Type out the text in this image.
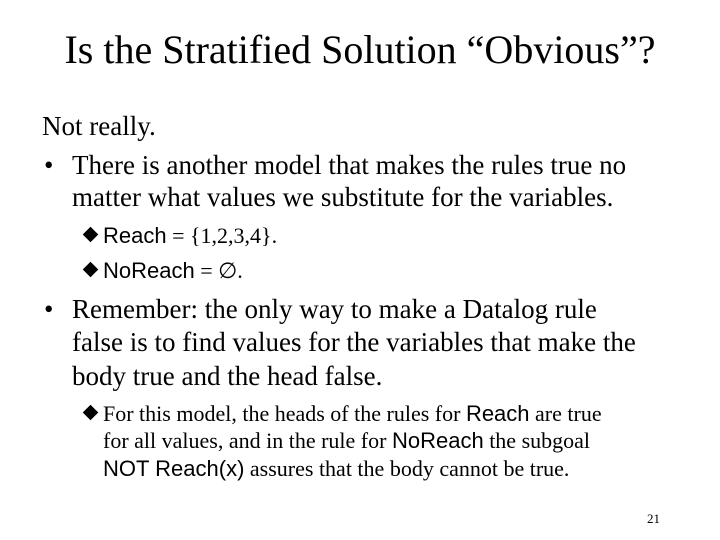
Is the Stratified Solution “Obvious”?
Not really.
• There is another model that makes the rules true no
matter what values we substitute for the variables.
Reach = {1,2,3,4}.
NoReach = ∅.
• Remember: the only way to make a Datalog rule
false is to find values for the variables that make the
body true and the head false.
For this model, the heads of the rules for Reach are true
for all values, and in the rule for NoReach the subgoal
NOT Reach(x) assures that the body cannot be true.
21
